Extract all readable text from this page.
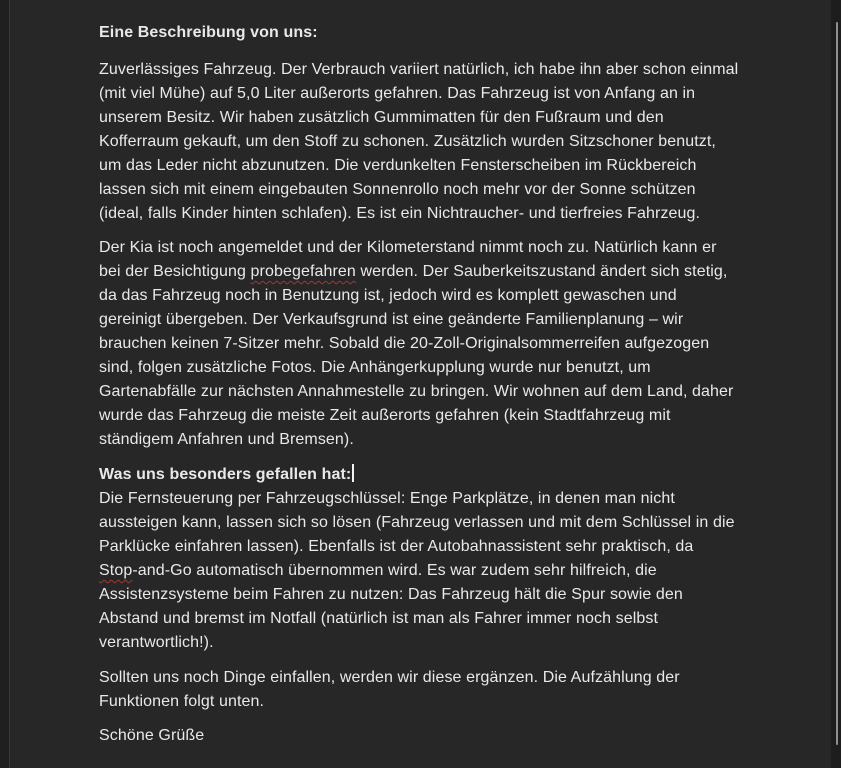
Eine Beschreibung von uns:
Zuverlässiges Fahrzeug. Der Verbrauch variiert natürlich, ich habe ihn aber schon einmal
(mit viel Mühe) auf 5,0 Liter außerorts gefahren. Das Fahrzeug ist von Anfang an in
unserem Besitz. Wir haben zusätzlich Gummimatten für den Fußraum und den
Kofferraum gekauft, um den Stoff zu schonen. Zusätzlich wurden Sitzschoner benutzt,
um das Leder nicht abzunutzen. Die verdunkelten Fensterscheiben im Rückbereich
lassen sich mit einem eingebauten Sonnenrollo noch mehr vor der Sonne schützen
(ideal, falls Kinder hinten schlafen). Es ist ein Nichtraucher- und tierfreies Fahrzeug.
Der Kia ist noch angemeldet und der Kilometerstand nimmt noch zu. Natürlich kann er
bei der Besichtigung probegefahren werden. Der Sauberkeitszustand ändert sich stetig,
da das Fahrzeug noch in Benutzung ist, jedoch wird es komplett gewaschen und
gereinigt übergeben. Der Verkaufsgrund ist eine geänderte Familienplanung – wir
brauchen keinen 7-Sitzer mehr. Sobald die 20-Zoll-Originalsommerreifen aufgezogen
sind, folgen zusätzliche Fotos. Die Anhängerkupplung wurde nur benutzt, um
Gartenabfälle zur nächsten Annahmestelle zu bringen. Wir wohnen auf dem Land, daher
wurde das Fahrzeug die meiste Zeit außerorts gefahren (kein Stadtfahrzeug mit
ständigem Anfahren und Bremsen).
Was uns besonders gefallen hat:
Die Fernsteuerung per Fahrzeugschlüssel: Enge Parkplätze, in denen man nicht
aussteigen kann, lassen sich so lösen (Fahrzeug verlassen und mit dem Schlüssel in die
Parklücke einfahren lassen). Ebenfalls ist der Autobahnassistent sehr praktisch, da
Stop-and-Go automatisch übernommen wird. Es war zudem sehr hilfreich, die
Assistenzsysteme beim Fahren zu nutzen: Das Fahrzeug hält die Spur sowie den
Abstand und bremst im Notfall (natürlich ist man als Fahrer immer noch selbst
verantwortlich!).
Sollten uns noch Dinge einfallen, werden wir diese ergänzen. Die Aufzählung der
Funktionen folgt unten.
Schöne Grüße
